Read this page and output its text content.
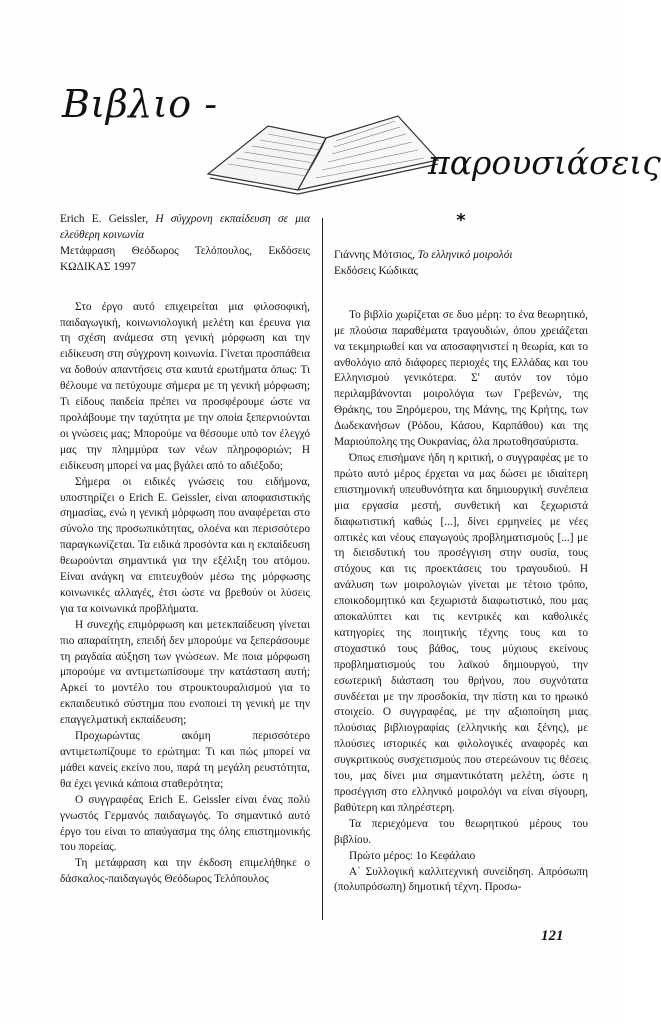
Βιβλιο -
παρουσιάσεις

Erich E. Geissler, Η σύγχρονη εκπαίδευση σε μια ελεύθερη κοινωνία

Μετάφραση Θεόδωρος Τελόπουλος, Εκδόσεις ΚΩΔΙΚΑΣ 1997

Στο έργο αυτό επιχειρείται μια φιλοσοφική, παιδαγωγική, κοινωνιολογική μελέτη και έρευνα για τη σχέση ανάμεσα στη γενική μόρφωση και την ειδίκευση στη σύγχρονη κοινωνία. Γίνεται προσπάθεια να δοθούν απαντήσεις στα καυτά ερωτήματα όπως: Τι θέλουμε να πετύχουμε σήμερα με τη γενική μόρφωση; Τι είδους παιδεία πρέπει να προσφέρουμε ώστε να προλάβουμε την ταχύτητα με την οποία ξεπερνιούνται οι γνώσεις μας; Μπορούμε να θέσουμε υπό τον έλεγχό μας την πλημμύρα των νέων πληροφοριών; Η ειδίκευση μπορεί να μας βγάλει από το αδιέξοδο;

Σήμερα οι ειδικές γνώσεις του ειδήμονα, υποστηρίζει ο Erich E. Geissler, είναι αποφασιστικής σημασίας, ενώ η γενική μόρφωση που αναφέρεται στο σύνολο της προσωπικότητας, ολοένα και περισσότερο παραγκωνίζεται. Τα ειδικά προσόντα και η εκπαίδευση θεωρούνται σημαντικά για την εξέλιξη του ατόμου. Είναι ανάγκη να επιτευχθούν μέσω της μόρφωσης κοινωνικές αλλαγές, έτσι ώστε να βρεθούν οι λύσεις για τα κοινωνικά προβλήματα.

Η συνεχής επιμόρφωση και μετεκπαίδευση γίνεται πιο απαραίτητη, επειδή δεν μπορούμε να ξεπεράσουμε τη ραγδαία αύξηση των γνώσεων. Με ποια μόρφωση μπορούμε να αντιμετωπίσουμε την κατάσταση αυτή; Αρκεί το μοντέλο του στρουκτουραλισμού για το εκπαιδευτικό σύστημα που ενοποιεί τη γενική με την επαγγελματική εκπαίδευση;

Προχωρώντας ακόμη περισσότερο αντιμετωπίζουμε το ερώτημα: Τι και πώς μπορεί να μάθει κανείς εκείνο που, παρά τη μεγάλη ρευστότητα, θα έχει γενικά κάποια σταθερότητα;

Ο συγγραφέας Erich E. Geissler είναι ένας πολύ γνωστός Γερμανός παιδαγωγός. Το σημαντικό αυτό έργο του είναι το απαύγασμα της όλης επιστημονικής του πορείας.

Τη μετάφραση και την έκδοση επιμελήθηκε ο δάσκαλος-παιδαγωγός Θεόδωρος Τελόπουλος

*

Γιάννης Μότσιος, Το ελληνικό μοιρολόι

Εκδόσεις Κώδικας

Το βιβλίο χωρίζεται σε δυο μέρη: το ένα θεωρητικό, με πλούσια παραθέματα τραγουδιών, όπου χρειάζεται να τεκμηριωθεί και να αποσαφηνιστεί η θεωρία, και το ανθολόγιο από διάφορες περιοχές της Ελλάδας και του Ελληνισμού γενικότερα. Σ' αυτόν τον τόμο περιλαμβάνονται μοιρολόγια των Γρεβενών, της Θράκης, του Ξηρόμερου, της Μάνης, της Κρήτης, των Δωδεκανήσων (Ρόδου, Κάσου, Καρπάθου) και της Μαριούπολης της Ουκρανίας, όλα πρωτοθησαύριστα.

Όπως επισήμανε ήδη η κριτική, ο συγγραφέας με το πρώτο αυτό μέρος έρχεται να μας δώσει με ιδιαίτερη επιστημονική υπευθυνότητα και δημιουργική συνέπεια μια εργασία μεστή, συνθετική και ξεχωριστά διαφωτιστική καθώς [...], δίνει ερμηνείες με νέες οπτικές και νέους επαγωγούς προβληματισμούς [...] με τη διεισδυτική του προσέγγιση στην ουσία, τους στόχους και τις προεκτάσεις του τραγουδιού. Η ανάλυση των μοιρολογιών γίνεται με τέτοιο τρόπο, εποικοδομητικό και ξεχωριστά διαφωτιστικό, που μας αποκαλύπτει και τις κεντρικές και καθολικές κατηγορίες της ποιητικής τέχνης τους και το στοχαστικό τους βάθος, τους μύχιους εκείνους προβληματισμούς του λαϊκού δημιουργού, την εσωτερική διάσταση του θρήνου, που συχνότατα συνδέεται με την προσδοκία, την πίστη και το ηρωικό στοιχείο. Ο συγγραφέας, με την αξιοποίηση μιας πλούσιας βιβλιογραφίας (ελληνικής και ξένης), με πλούσιες ιστορικές και φιλολογικές αναφορές και συγκριτικούς συσχετισμούς που στερεώνουν τις θέσεις του, μας δίνει μια σημαντικότατη μελέτη, ώστε η προσέγγιση στο ελληνικό μοιρολόγι να είναι σίγουρη, βαθύτερη και πληρέστερη.

Τα περιεχόμενα του θεωρητικού μέρους του βιβλίου.

Πρώτο μέρος: 1ο Κεφάλαιο

Α΄ Συλλογική καλλιτεχνική συνείδηση. Απρόσωπη (πολυπρόσωπη) δημοτική τέχνη. Προσω-

121
